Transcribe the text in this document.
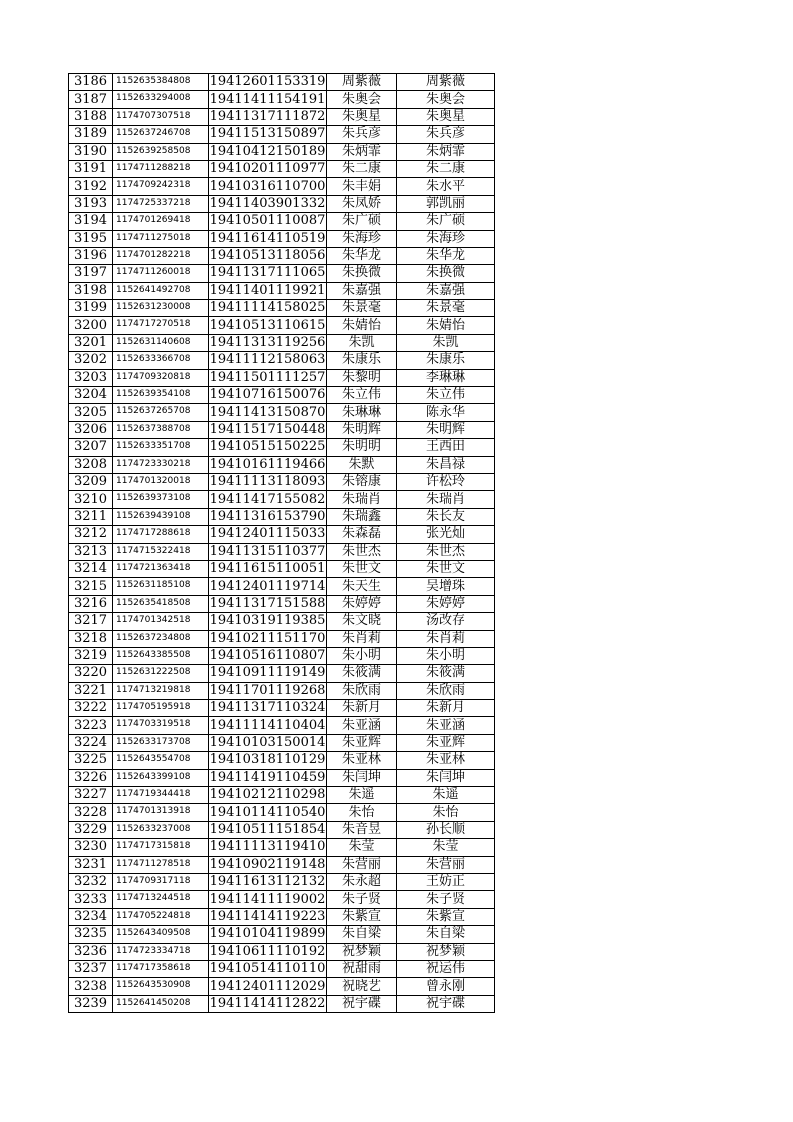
3186	1152635384808	19412601153319	周紫薇	周紫薇
3187	1152633294008	19411411154191	朱奥会	朱奥会
3188	1174707307518	19411317111872	朱奥星	朱奥星
3189	1152637246708	19411513150897	朱兵彦	朱兵彦
3190	1152639258508	19410412150189	朱炳霏	朱炳霏
3191	1174711288218	19410201110977	朱二康	朱二康
3192	1174709242318	19410316110700	朱丰娟	朱水平
3193	1174725337218	19411403901332	朱凤娇	郭凯丽
3194	1174701269418	19410501110087	朱广硕	朱广硕
3195	1174711275018	19411614110519	朱海珍	朱海珍
3196	1174701282218	19410513118056	朱华龙	朱华龙
3197	1174711260018	19411317111065	朱换微	朱换微
3198	1152641492708	19411401119921	朱嘉强	朱嘉强
3199	1152631230008	19411114158025	朱景毫	朱景毫
3200	1174717270518	19410513110615	朱婧怡	朱婧怡
3201	1152631140608	19411313119256	朱凯	朱凯
3202	1152633366708	19411112158063	朱康乐	朱康乐
3203	1174709320818	19411501111257	朱黎明	李琳琳
3204	1152639354108	19410716150076	朱立伟	朱立伟
3205	1152637265708	19411413150870	朱琳琳	陈永华
3206	1152637388708	19411517150448	朱明辉	朱明辉
3207	1152633351708	19410515150225	朱明明	王西田
3208	1174723330218	19410161119466	朱默	朱昌禄
3209	1174701320018	19411113118093	朱镕康	许松玲
3210	1152639373108	19411417155082	朱瑞肖	朱瑞肖
3211	1152639439108	19411316153790	朱瑞鑫	朱长友
3212	1174717288618	19412401115033	朱森磊	张光灿
3213	1174715322418	19411315110377	朱世杰	朱世杰
3214	1174721363418	19411615110051	朱世文	朱世文
3215	1152631185108	19412401119714	朱天生	吴增珠
3216	1152635418508	19411317151588	朱婷婷	朱婷婷
3217	1174701342518	19410319119385	朱文晓	汤改存
3218	1152637234808	19410211151170	朱肖莉	朱肖莉
3219	1152643385508	19410516110807	朱小明	朱小明
3220	1152631222508	19410911119149	朱筱满	朱筱满
3221	1174713219818	19411701119268	朱欣雨	朱欣雨
3222	1174705195918	19411317110324	朱新月	朱新月
3223	1174703319518	19411114110404	朱亚涵	朱亚涵
3224	1152633173708	19410103150014	朱亚辉	朱亚辉
3225	1152643554708	19410318110129	朱亚林	朱亚林
3226	1152643399108	19411419110459	朱闫坤	朱闫坤
3227	1174719344418	19410212110298	朱遥	朱遥
3228	1174701313918	19410114110540	朱怡	朱怡
3229	1152633237008	19410511151854	朱音昱	孙长顺
3230	1174717315818	19411113119410	朱莹	朱莹
3231	1174711278518	19410902119148	朱营丽	朱营丽
3232	1174709317118	19411613112132	朱永超	王妨正
3233	1174713244518	19411411119002	朱子贤	朱子贤
3234	1174705224818	19411414119223	朱紫宣	朱紫宣
3235	1152643409508	19410104119899	朱自梁	朱自梁
3236	1174723334718	19410611110192	祝梦颖	祝梦颖
3237	1174717358618	19410514110110	祝甜雨	祝运伟
3238	1152643530908	19412401112029	祝晓艺	曾永刚
3239	1152641450208	19411414112822	祝宇碟	祝宇碟
